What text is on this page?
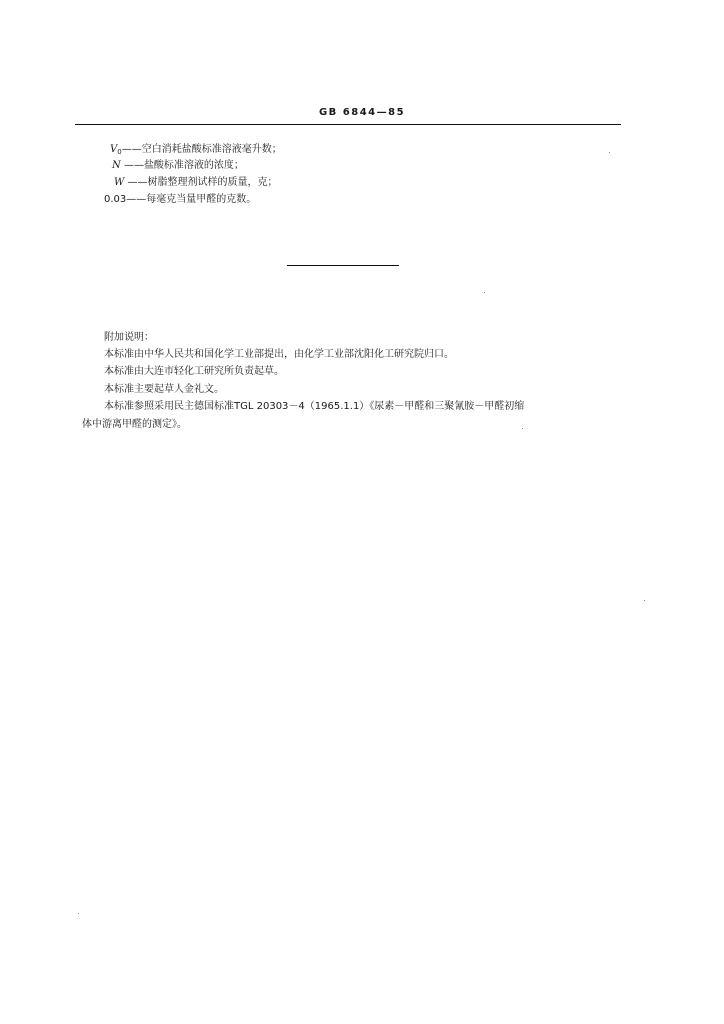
GB 6844—85
$V_0——$空白消耗盐酸标准溶液毫升数；
N ——盐酸标准溶液的浓度；
W ——树脂整理剂试样的质量，克；
0.03——每毫克当量甲醛的克数。
附加说明：
本标准由中华人民共和国化学工业部提出，由化学工业部沈阳化工研究院归口。
本标准由大连市轻化工研究所负责起草。
本标准主要起草人金礼文。
本标准参照采用民主德国标准TGL 20303－4（1965.1.1）《尿素－甲醛和三聚氰胺－甲醛初缩
体中游离甲醛的测定》。
